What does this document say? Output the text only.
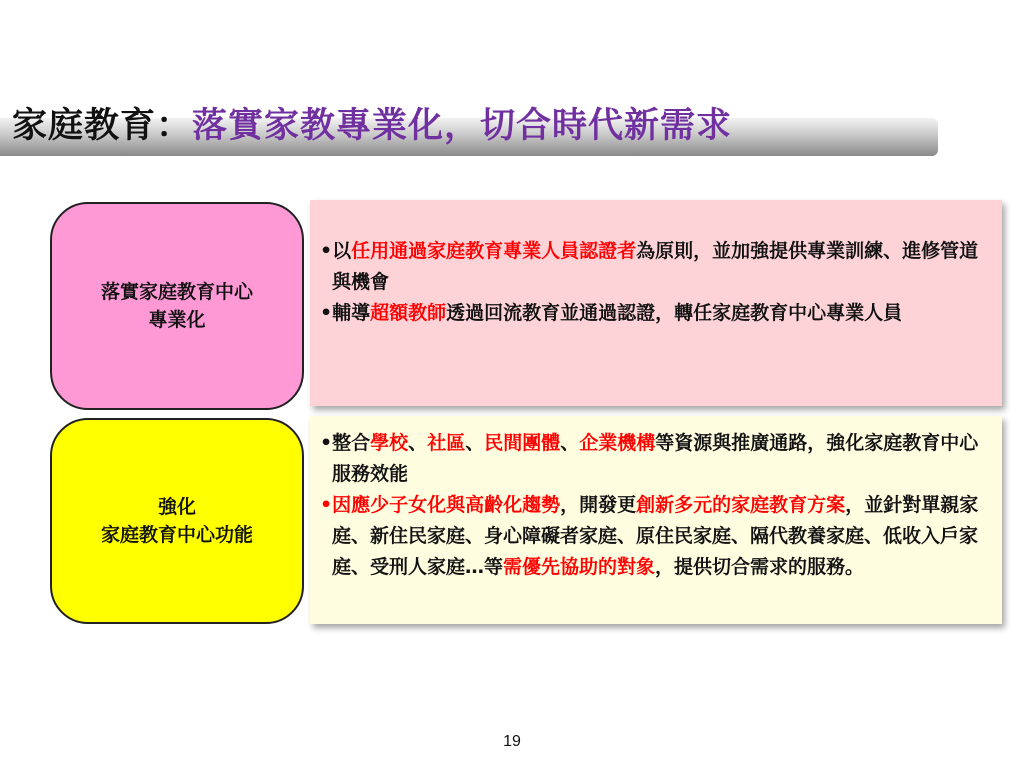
家庭教育：落實家教專業化，切合時代新需求
落實家庭教育中心
專業化
•以任用通過家庭教育專業人員認證者為原則，並加強提供專業訓練、進修管道與機會
•輔導超額教師透過回流教育並通過認證，轉任家庭教育中心專業人員
強化
家庭教育中心功能
•整合學校、社區、民間團體、企業機構等資源與推廣通路，強化家庭教育中心服務效能
•因應少子女化與高齡化趨勢，開發更創新多元的家庭教育方案，並針對單親家庭、新住民家庭、身心障礙者家庭、原住民家庭、隔代教養家庭、低收入戶家庭、受刑人家庭…等需優先協助的對象，提供切合需求的服務。
19
